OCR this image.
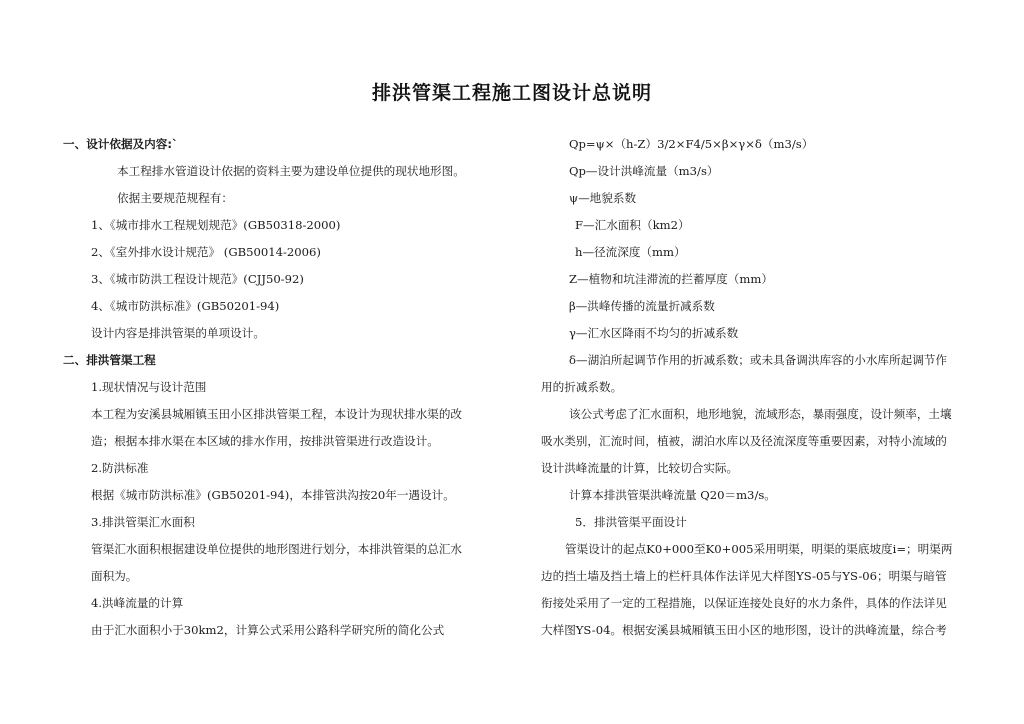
排洪管渠工程施工图设计总说明
一、设计依据及内容:`
本工程排水管道设计依据的资料主要为建设单位提供的现状地形图。
依据主要规范规程有：
1、《城市排水工程规划规范》(GB50318-2000)
2、《室外排水设计规范》 (GB50014-2006)
3、《城市防洪工程设计规范》(CJJ50-92)
4、《城市防洪标准》(GB50201-94)
设计内容是排洪管渠的单项设计。
二、排洪管渠工程
1.现状情况与设计范围
本工程为安溪县城厢镇玉田小区排洪管渠工程，本设计为现状排水渠的改
造；根据本排水渠在本区域的排水作用，按排洪管渠进行改造设计。
2.防洪标准
根据《城市防洪标准》(GB50201-94)，本排管洪沟按20年一遇设计。
3.排洪管渠汇水面积
管渠汇水面积根据建设单位提供的地形图进行划分，本排洪管渠的总汇水
面积为。
4.洪峰流量的计算
由于汇水面积小于30km2，计算公式采用公路科学研究所的简化公式
Qp=ψ×（h-Z）3/2×F4/5×β×γ×δ（m3/s）
Qp—设计洪峰流量（m3/s）
ψ—地貌系数
F—汇水面积（km2）
h—径流深度（mm）
Z—植物和坑洼滞流的拦蓄厚度（mm）
β—洪峰传播的流量折减系数
γ—汇水区降雨不均匀的折减系数
δ—湖泊所起调节作用的折减系数；或未具备调洪库容的小水库所起调节作
用的折减系数。
该公式考虑了汇水面积，地形地貌，流域形态，暴雨强度，设计频率，土壤
吸水类别，汇流时间，植被，湖泊水库以及径流深度等重要因素，对特小流域的
设计洪峰流量的计算，比较切合实际。
计算本排洪管渠洪峰流量 Q20＝m3/s。
5．排洪管渠平面设计
管渠设计的起点K0+000至K0+005采用明渠，明渠的渠底坡度i=；明渠两
边的挡土墙及挡土墙上的栏杆具体作法详见大样图YS-05与YS-06；明渠与暗管
衔接处采用了一定的工程措施，以保证连接处良好的水力条件，具体的作法详见
大样图YS-04。根据安溪县城厢镇玉田小区的地形图，设计的洪峰流量，综合考
